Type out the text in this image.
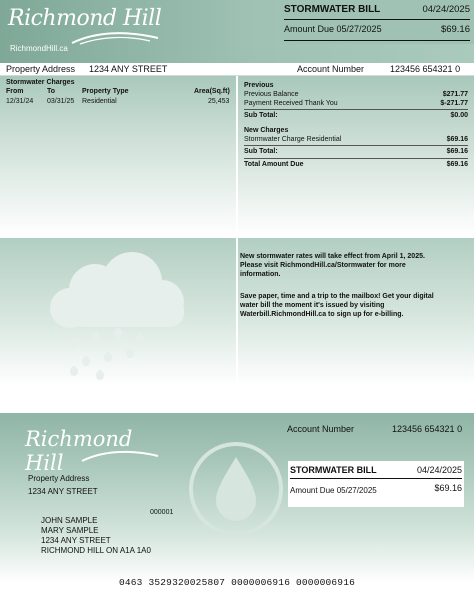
Richmond Hill
RichmondHill.ca
STORMWATER BILL	04/24/2025
Amount Due 05/27/2025	$69.16
Property Address 1234 ANY STREET	Account Number	123456 654321 0
Stormwater Charges
From	To	Property Type	Area(Sq.ft)
12/31/24 03/31/25 Residential	25,453
Previous
Previous Balance	$271.77
Payment Received Thank You	$-271.77
Sub Total:	$0.00
New Charges
Stormwater Charge Residential	$69.16
Sub Total:	$69.16
Total Amount Due	$69.16
New stormwater rates will take effect from April 1, 2025. Please visit RichmondHill.ca/Stormwater for more information.
Save paper, time and a trip to the mailbox! Get your digital water bill the moment it's issued by visiting Waterbill.RichmondHill.ca to sign up for e-billing.
Richmond Hill
Account Number	123456 654321 0
Property Address
1234 ANY STREET
STORMWATER BILL	04/24/2025
Amount Due 05/27/2025	$69.16
000001
JOHN SAMPLE
MARY SAMPLE
1234 ANY STREET
RICHMOND HILL ON A1A 1A0
0463 3529320025807 0000006916 0000006916
